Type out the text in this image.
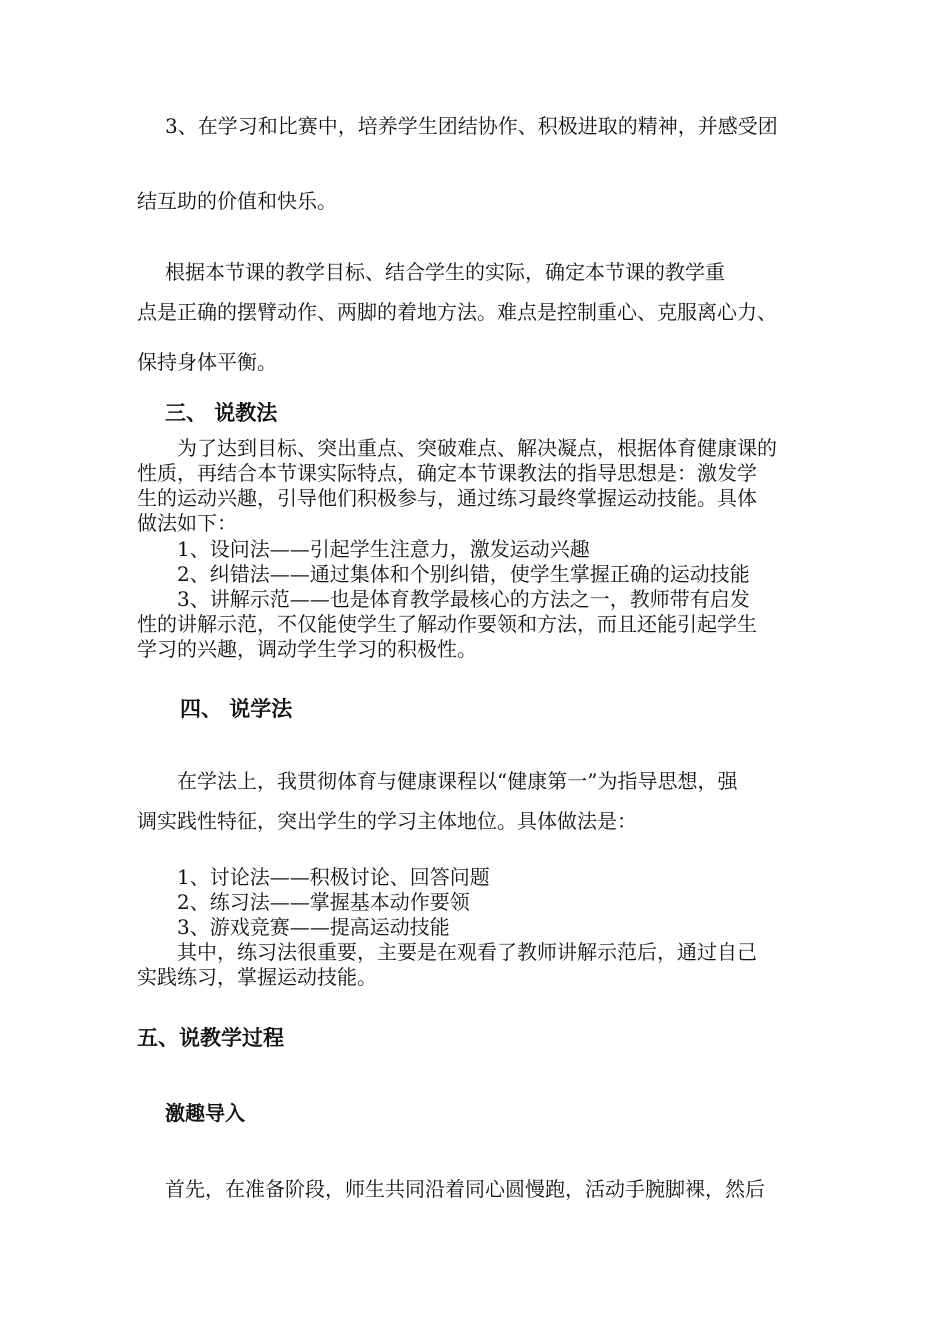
3、在学习和比赛中，培养学生团结协作、积极进取的精神，并感受团
结互助的价值和快乐。
根据本节课的教学目标、结合学生的实际，确定本节课的教学重
点是正确的摆臂动作、两脚的着地方法。难点是控制重心、克服离心力、
保持身体平衡。
三、 说教法
为了达到目标、突出重点、突破难点、解决凝点，根据体育健康课的
性质，再结合本节课实际特点，确定本节课教法的指导思想是：激发学
生的运动兴趣，引导他们积极参与，通过练习最终掌握运动技能。具体
做法如下：
1、设问法——引起学生注意力，激发运动兴趣
2、纠错法——通过集体和个别纠错，使学生掌握正确的运动技能
3、讲解示范——也是体育教学最核心的方法之一，教师带有启发
性的讲解示范，不仅能使学生了解动作要领和方法，而且还能引起学生
学习的兴趣，调动学生学习的积极性。
四、 说学法
在学法上，我贯彻体育与健康课程以“健康第一”为指导思想，强
调实践性特征，突出学生的学习主体地位。具体做法是：
1、讨论法——积极讨论、回答问题
2、练习法——掌握基本动作要领
3、游戏竞赛——提高运动技能
其中，练习法很重要，主要是在观看了教师讲解示范后，通过自己
实践练习，掌握运动技能。
五、说教学过程
激趣导入
首先，在准备阶段，师生共同沿着同心圆慢跑，活动手腕脚裸，然后
